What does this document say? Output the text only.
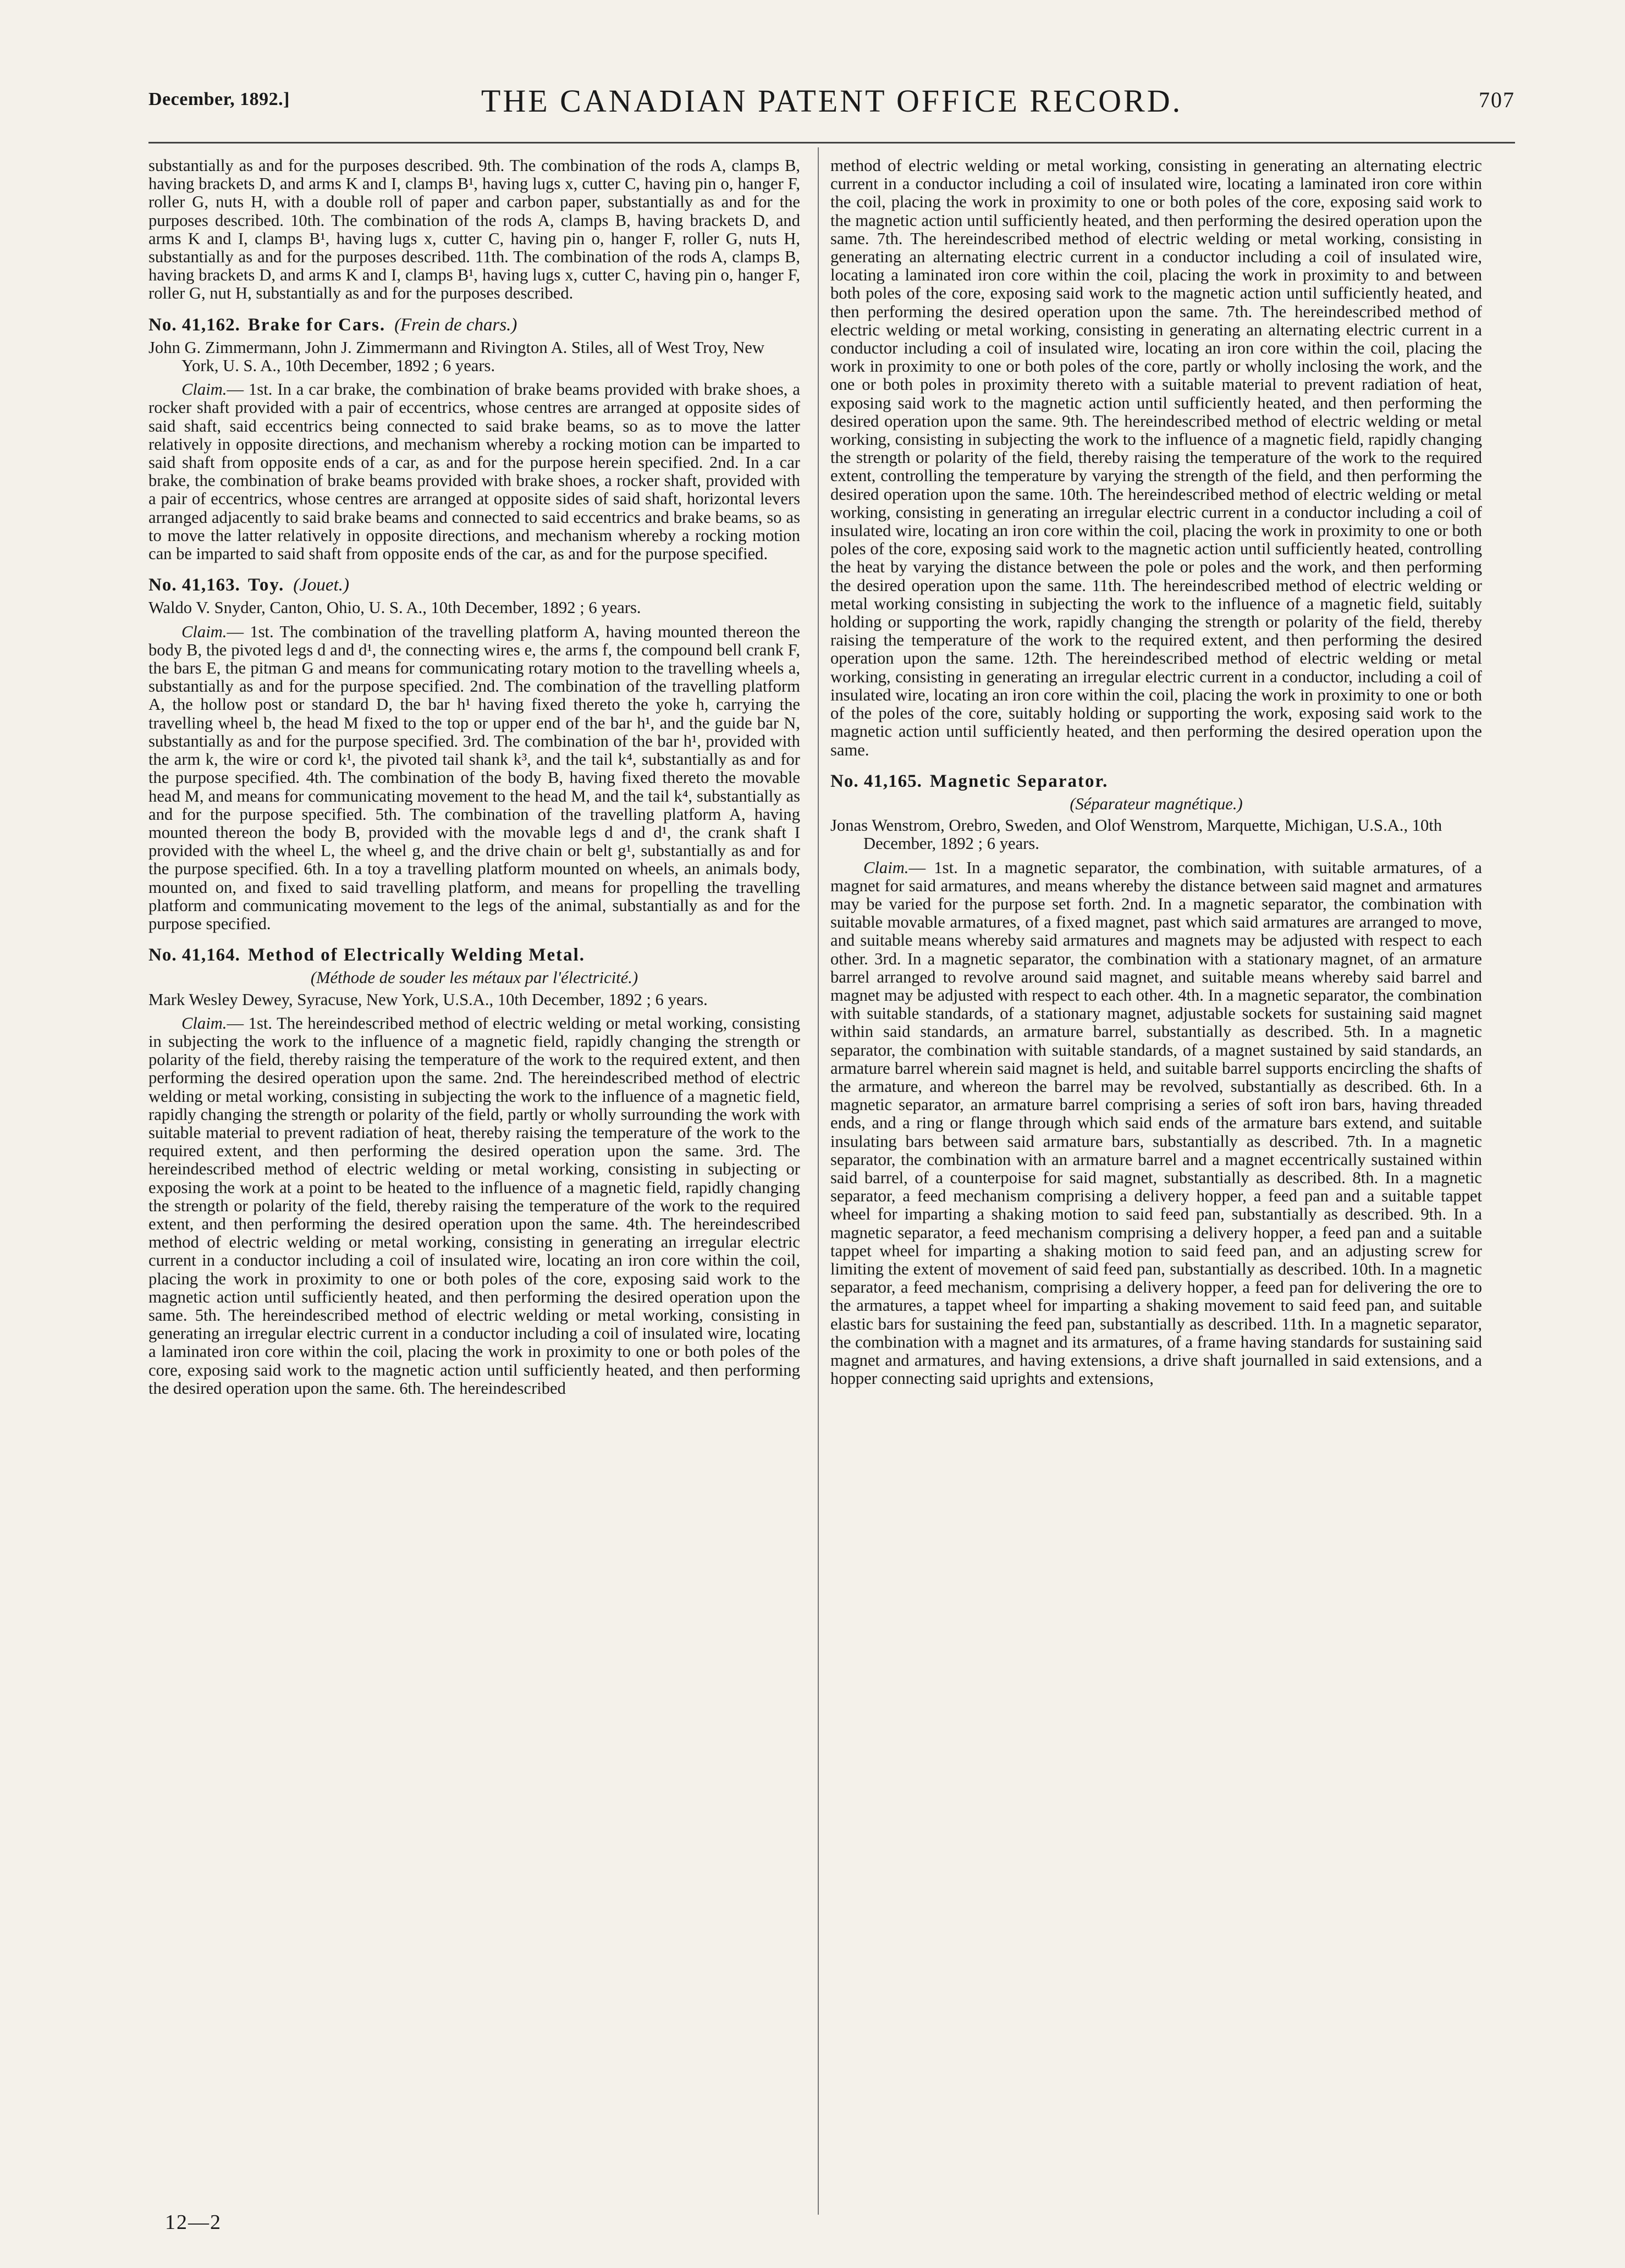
December, 1892.]	THE CANADIAN PATENT OFFICE RECORD.	707

substantially as and for the purposes described. 9th. The combination of the rods A, clamps B, having brackets D, and arms K and I, clamps B¹, having lugs x, cutter C, having pin o, hanger F, roller G, nuts H, with a double roll of paper and carbon paper, substantially as and for the purposes described. 10th. The combination of the rods A, clamps B, having brackets D, and arms K and I, clamps B¹, having lugs x, cutter C, having pin o, hanger F, roller G, nuts H, substantially as and for the purposes described. 11th. The combination of the rods A, clamps B, having brackets D, and arms K and I, clamps B¹, having lugs x, cutter C, having pin o, hanger F, roller G, nut H, substantially as and for the purposes described.

No. 41,162. Brake for Cars. (Frein de chars.)

John G. Zimmermann, John J. Zimmermann and Rivington A. Stiles, all of West Troy, New York, U. S. A., 10th December, 1892 ; 6 years.

Claim.— 1st. In a car brake, the combination of brake beams provided with brake shoes, a rocker shaft provided with a pair of eccentrics, whose centres are arranged at opposite sides of said shaft, said eccentrics being connected to said brake beams, so as to move the latter relatively in opposite directions, and mechanism whereby a rocking motion can be imparted to said shaft from opposite ends of a car, as and for the purpose herein specified. 2nd. In a car brake, the combination of brake beams provided with brake shoes, a rocker shaft, provided with a pair of eccentrics, whose centres are arranged at opposite sides of said shaft, horizontal levers arranged adjacently to said brake beams and connected to said eccentrics and brake beams, so as to move the latter relatively in opposite directions, and mechanism whereby a rocking motion can be imparted to said shaft from opposite ends of the car, as and for the purpose specified.

No. 41,163. Toy. (Jouet.)

Waldo V. Snyder, Canton, Ohio, U. S. A., 10th December, 1892 ; 6 years.

Claim.— 1st. The combination of the travelling platform A, having mounted thereon the body B, the pivoted legs d and d¹, the connecting wires e, the arms f, the compound bell crank F, the bars E, the pitman G and means for communicating rotary motion to the travelling wheels a, substantially as and for the purpose specified. 2nd. The combination of the travelling platform A, the hollow post or standard D, the bar h¹ having fixed thereto the yoke h, carrying the travelling wheel b, the head M fixed to the top or upper end of the bar h¹, and the guide bar N, substantially as and for the purpose specified. 3rd. The combination of the bar h¹, provided with the arm k, the wire or cord k¹, the pivoted tail shank k³, and the tail k⁴, substantially as and for the purpose specified. 4th. The combination of the body B, having fixed thereto the movable head M, and means for communicating movement to the head M, and the tail k⁴, substantially as and for the purpose specified. 5th. The combination of the travelling platform A, having mounted thereon the body B, provided with the movable legs d and d¹, the crank shaft I provided with the wheel L, the wheel g, and the drive chain or belt g¹, substantially as and for the purpose specified. 6th. In a toy a travelling platform mounted on wheels, an animals body, mounted on, and fixed to said travelling platform, and means for propelling the travelling platform and communicating movement to the legs of the animal, substantially as and for the purpose specified.

No. 41,164. Method of Electrically Welding Metal.
(Méthode de souder les métaux par l'électricité.)

Mark Wesley Dewey, Syracuse, New York, U.S.A., 10th December, 1892 ; 6 years.

Claim.— 1st. The hereindescribed method of electric welding or metal working, consisting in subjecting the work to the influence of a magnetic field, rapidly changing the strength or polarity of the field, thereby raising the temperature of the work to the required extent, and then performing the desired operation upon the same. 2nd. The hereindescribed method of electric welding or metal working, consisting in subjecting the work to the influence of a magnetic field, rapidly changing the strength or polarity of the field, partly or wholly surrounding the work with suitable material to prevent radiation of heat, thereby raising the temperature of the work to the required extent, and then performing the desired operation upon the same. 3rd. The hereindescribed method of electric welding or metal working, consisting in subjecting or exposing the work at a point to be heated to the influence of a magnetic field, rapidly changing the strength or polarity of the field, thereby raising the temperature of the work to the required extent, and then performing the desired operation upon the same. 4th. The hereindescribed method of electric welding or metal working, consisting in generating an irregular electric current in a conductor including a coil of insulated wire, locating an iron core within the coil, placing the work in proximity to one or both poles of the core, exposing said work to the magnetic action until sufficiently heated, and then performing the desired operation upon the same. 5th. The hereindescribed method of electric welding or metal working, consisting in generating an irregular electric current in a conductor including a coil of insulated wire, locating a laminated iron core within the coil, placing the work in proximity to one or both poles of the core, exposing said work to the magnetic action until sufficiently heated, and then performing the desired operation upon the same. 6th. The hereindescribed

method of electric welding or metal working, consisting in generating an alternating electric current in a conductor including a coil of insulated wire, locating a laminated iron core within the coil, placing the work in proximity to one or both poles of the core, exposing said work to the magnetic action until sufficiently heated, and then performing the desired operation upon the same. 7th. The hereindescribed method of electric welding or metal working, consisting in generating an alternating electric current in a conductor including a coil of insulated wire, locating a laminated iron core within the coil, placing the work in proximity to and between both poles of the core, exposing said work to the magnetic action until sufficiently heated, and then performing the desired operation upon the same. 7th. The hereindescribed method of electric welding or metal working, consisting in generating an alternating electric current in a conductor including a coil of insulated wire, locating an iron core within the coil, placing the work in proximity to one or both poles of the core, partly or wholly inclosing the work, and the one or both poles in proximity thereto with a suitable material to prevent radiation of heat, exposing said work to the magnetic action until sufficiently heated, and then performing the desired operation upon the same. 9th. The hereindescribed method of electric welding or metal working, consisting in subjecting the work to the influence of a magnetic field, rapidly changing the strength or polarity of the field, thereby raising the temperature of the work to the required extent, controlling the temperature by varying the strength of the field, and then performing the desired operation upon the same. 10th. The hereindescribed method of electric welding or metal working, consisting in generating an irregular electric current in a conductor including a coil of insulated wire, locating an iron core within the coil, placing the work in proximity to one or both poles of the core, exposing said work to the magnetic action until sufficiently heated, controlling the heat by varying the distance between the pole or poles and the work, and then performing the desired operation upon the same. 11th. The hereindescribed method of electric welding or metal working consisting in subjecting the work to the influence of a magnetic field, suitably holding or supporting the work, rapidly changing the strength or polarity of the field, thereby raising the temperature of the work to the required extent, and then performing the desired operation upon the same. 12th. The hereindescribed method of electric welding or metal working, consisting in generating an irregular electric current in a conductor, including a coil of insulated wire, locating an iron core within the coil, placing the work in proximity to one or both of the poles of the core, suitably holding or supporting the work, exposing said work to the magnetic action until sufficiently heated, and then performing the desired operation upon the same.

No. 41,165. Magnetic Separator.
(Séparateur magnétique.)

Jonas Wenstrom, Orebro, Sweden, and Olof Wenstrom, Marquette, Michigan, U.S.A., 10th December, 1892 ; 6 years.

Claim.— 1st. In a magnetic separator, the combination, with suitable armatures, of a magnet for said armatures, and means whereby the distance between said magnet and armatures may be varied for the purpose set forth. 2nd. In a magnetic separator, the combination with suitable movable armatures, of a fixed magnet, past which said armatures are arranged to move, and suitable means whereby said armatures and magnets may be adjusted with respect to each other. 3rd. In a magnetic separator, the combination with a stationary magnet, of an armature barrel arranged to revolve around said magnet, and suitable means whereby said barrel and magnet may be adjusted with respect to each other. 4th. In a magnetic separator, the combination with suitable standards, of a stationary magnet, adjustable sockets for sustaining said magnet within said standards, an armature barrel, substantially as described. 5th. In a magnetic separator, the combination with suitable standards, of a magnet sustained by said standards, an armature barrel wherein said magnet is held, and suitable barrel supports encircling the shafts of the armature, and whereon the barrel may be revolved, substantially as described. 6th. In a magnetic separator, an armature barrel comprising a series of soft iron bars, having threaded ends, and a ring or flange through which said ends of the armature bars extend, and suitable insulating bars between said armature bars, substantially as described. 7th. In a magnetic separator, the combination with an armature barrel and a magnet eccentrically sustained within said barrel, of a counterpoise for said magnet, substantially as described. 8th. In a magnetic separator, a feed mechanism comprising a delivery hopper, a feed pan and a suitable tappet wheel for imparting a shaking motion to said feed pan, substantially as described. 9th. In a magnetic separator, a feed mechanism comprising a delivery hopper, a feed pan and a suitable tappet wheel for imparting a shaking motion to said feed pan, and an adjusting screw for limiting the extent of movement of said feed pan, substantially as described. 10th. In a magnetic separator, a feed mechanism, comprising a delivery hopper, a feed pan for delivering the ore to the armatures, a tappet wheel for imparting a shaking movement to said feed pan, and suitable elastic bars for sustaining the feed pan, substantially as described. 11th. In a magnetic separator, the combination with a magnet and its armatures, of a frame having standards for sustaining said magnet and armatures, and having extensions, a drive shaft journalled in said extensions, and a hopper connecting said uprights and extensions,

12—2
